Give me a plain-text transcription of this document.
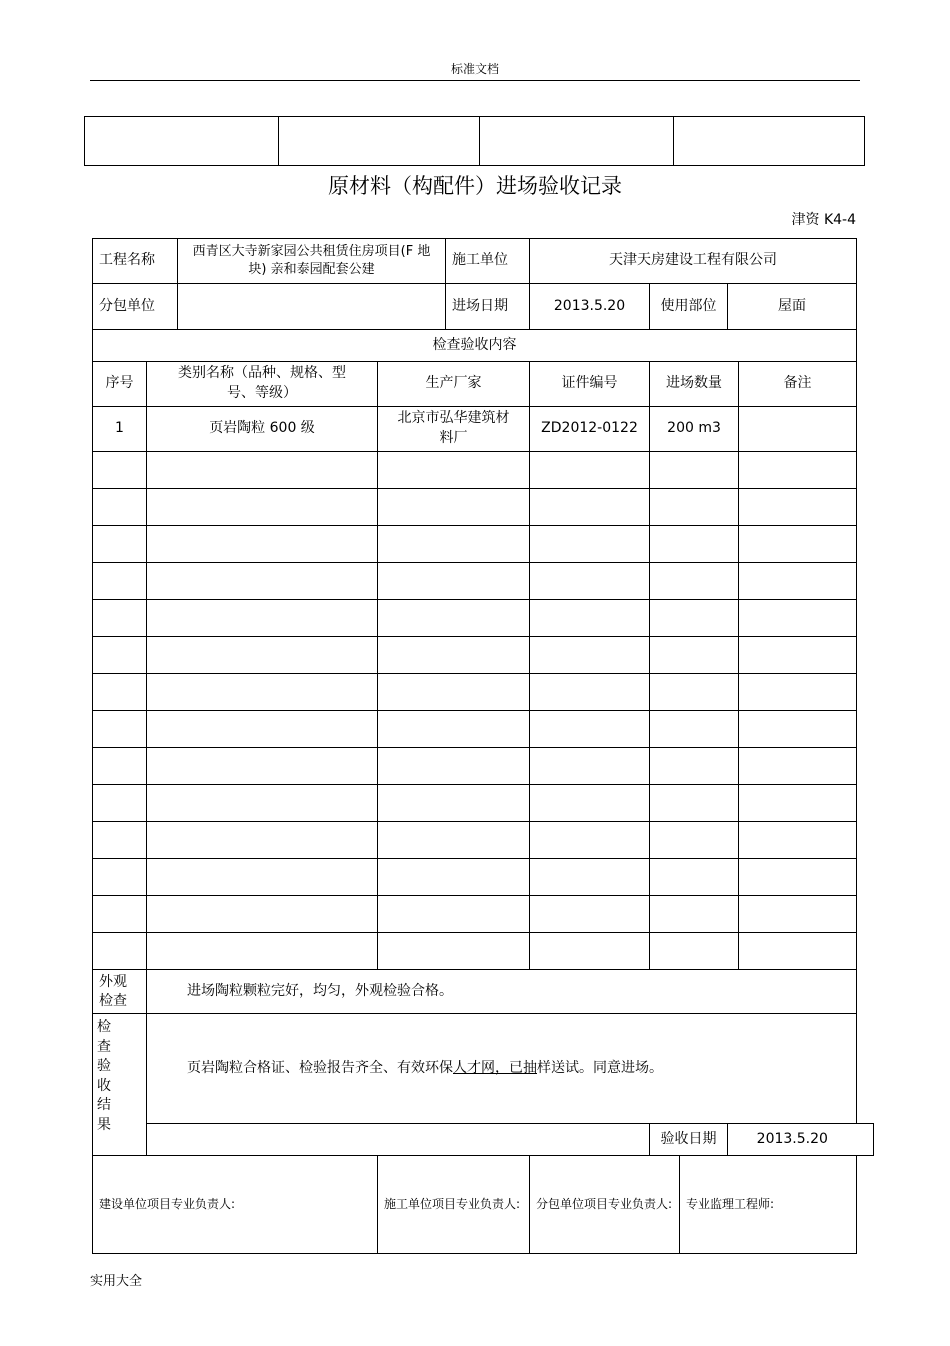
标准文档

原材料（构配件）进场验收记录
津资 K4-4
工程名称		西青区大寺新家园公共租赁住房项目(F 地块) 亲和泰园配套公建		施工单位	天津天房建设工程有限公司					
分包单位				进场日期	2013.5.20	使用部位		屋面		
检查验收内容										
序号	类别名称（品种、规格、型号、等级）		生产厂家		证件编号	进场数量			备注	
1	页岩陶粒 600 级		北京市弘华建筑材料厂		ZD2012-0122	200 m3				

外观检查	进场陶粒颗粒完好，均匀，外观检验合格。									

检查验收结果	页岩陶粒合格证、检验报告齐全、有效环保人才网，已抽样送试。同意进场。									
						验收日期		2013.5.20		
建设单位项目专业负责人:			施工单位项目专业负责人:		分包单位项目专业负责人:		专业监理工程师:			
实用大全
